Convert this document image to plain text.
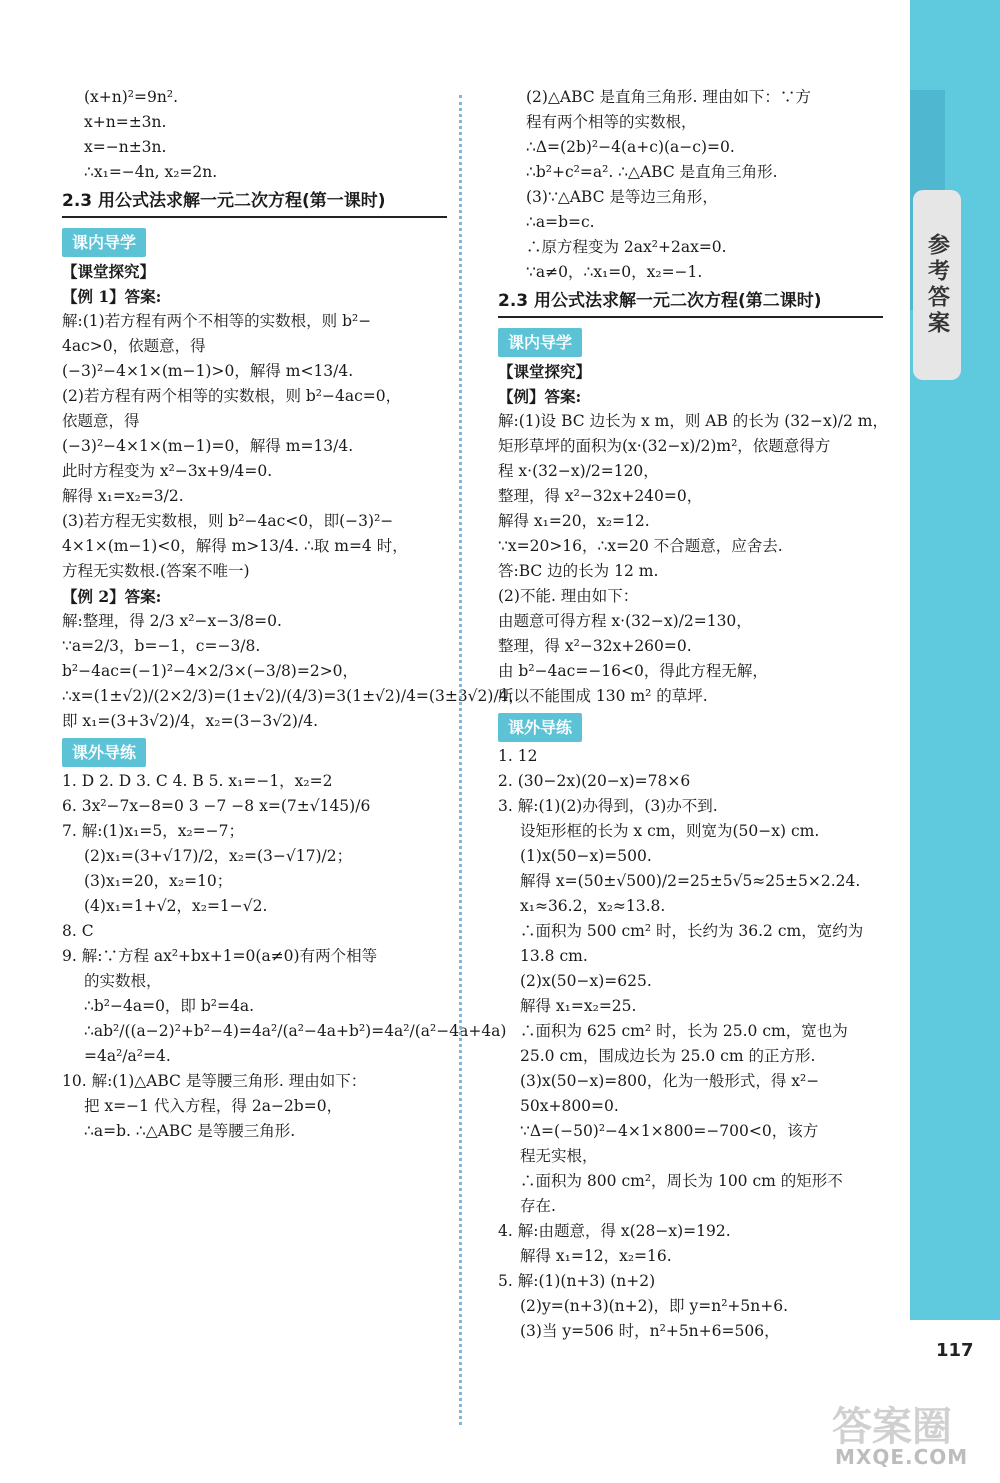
参考答案
(x+n)²=9n².
x+n=±3n.
x=−n±3n.
∴x₁=−4n, x₂=2n.
2.3 用公式法求解一元二次方程(第一课时)
课内导学
【课堂探究】
【例 1】答案:
解:(1)若方程有两个不相等的实数根，则 b²−
4ac>0，依题意，得
(−3)²−4×1×(m−1)>0，解得 m<13/4.
(2)若方程有两个相等的实数根，则 b²−4ac=0，
依题意，得
(−3)²−4×1×(m−1)=0，解得 m=13/4.
此时方程变为 x²−3x+9/4=0.
解得 x₁=x₂=3/2.
(3)若方程无实数根，则 b²−4ac<0，即(−3)²−
4×1×(m−1)<0，解得 m>13/4. ∴取 m=4 时，
方程无实数根.(答案不唯一)
【例 2】答案:
解:整理，得 2/3 x²−x−3/8=0.
∵a=2/3，b=−1，c=−3/8.
b²−4ac=(−1)²−4×2/3×(−3/8)=2>0，
∴x=(1±√2)/(2×2/3)=(1±√2)/(4/3)=3(1±√2)/4=(3±3√2)/4，
即 x₁=(3+3√2)/4，x₂=(3−3√2)/4.
课外导练
1. D 2. D 3. C 4. B 5. x₁=−1，x₂=2
6. 3x²−7x−8=0 3 −7 −8 x=(7±√145)/6
7. 解:(1)x₁=5，x₂=−7；
(2)x₁=(3+√17)/2，x₂=(3−√17)/2；
(3)x₁=20，x₂=10；
(4)x₁=1+√2，x₂=1−√2.
8. C
9. 解:∵方程 ax²+bx+1=0(a≠0)有两个相等
的实数根，
∴b²−4a=0，即 b²=4a.
∴ab²/((a−2)²+b²−4)=4a²/(a²−4a+b²)=4a²/(a²−4a+4a)
=4a²/a²=4.
10. 解:(1)△ABC 是等腰三角形. 理由如下：
把 x=−1 代入方程，得 2a−2b=0，
∴a=b. ∴△ABC 是等腰三角形.
(2)△ABC 是直角三角形. 理由如下：∵方
程有两个相等的实数根，
∴Δ=(2b)²−4(a+c)(a−c)=0.
∴b²+c²=a². ∴△ABC 是直角三角形.
(3)∵△ABC 是等边三角形，
∴a=b=c.
∴原方程变为 2ax²+2ax=0.
∵a≠0，∴x₁=0，x₂=−1.
2.3 用公式法求解一元二次方程(第二课时)
课内导学
【课堂探究】
【例】答案:
解:(1)设 BC 边长为 x m，则 AB 的长为 (32−x)/2 m，
矩形草坪的面积为(x·(32−x)/2)m²，依题意得方
程 x·(32−x)/2=120，
整理，得 x²−32x+240=0，
解得 x₁=20，x₂=12.
∵x=20>16，∴x=20 不合题意，应舍去.
答:BC 边的长为 12 m.
(2)不能. 理由如下：
由题意可得方程 x·(32−x)/2=130，
整理，得 x²−32x+260=0.
由 b²−4ac=−16<0，得此方程无解，
所以不能围成 130 m² 的草坪.
课外导练
1. 12
2. (30−2x)(20−x)=78×6
3. 解:(1)(2)办得到，(3)办不到.
设矩形框的长为 x cm，则宽为(50−x) cm.
(1)x(50−x)=500.
解得 x=(50±√500)/2=25±5√5≈25±5×2.24.
x₁≈36.2，x₂≈13.8.
∴面积为 500 cm² 时，长约为 36.2 cm，宽约为
13.8 cm.
(2)x(50−x)=625.
解得 x₁=x₂=25.
∴面积为 625 cm² 时，长为 25.0 cm，宽也为
25.0 cm，围成边长为 25.0 cm 的正方形.
(3)x(50−x)=800，化为一般形式，得 x²−
50x+800=0.
∵Δ=(−50)²−4×1×800=−700<0，该方
程无实根，
∴面积为 800 cm²，周长为 100 cm 的矩形不
存在.
4. 解:由题意，得 x(28−x)=192.
解得 x₁=12，x₂=16.
5. 解:(1)(n+3) (n+2)
(2)y=(n+3)(n+2)，即 y=n²+5n+6.
(3)当 y=506 时，n²+5n+6=506，
117
答案圈
MXQE.COM
